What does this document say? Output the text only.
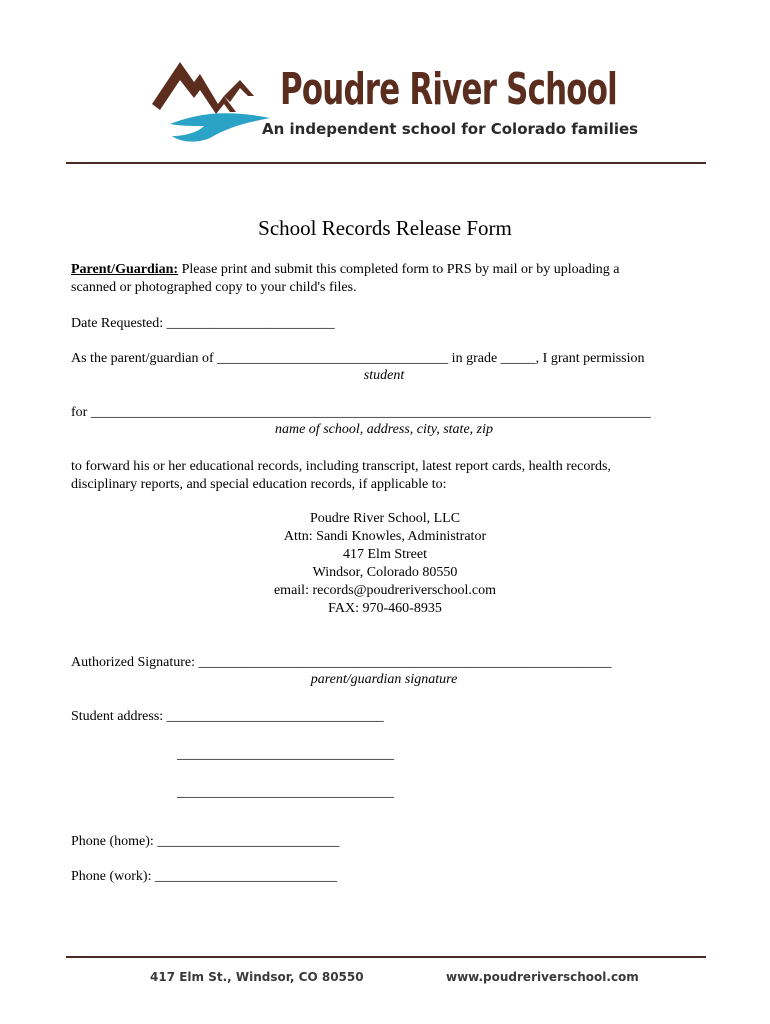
Poudre River School
An independent school for Colorado families
School Records Release Form
Parent/Guardian: Please print and submit this completed form to PRS by mail or by uploading a
scanned or photographed copy to your child's files.
Date Requested: ________________________
As the parent/guardian of _________________________________ in grade _____, I grant permission
student
for ________________________________________________________________________________
name of school, address, city, state, zip
to forward his or her educational records, including transcript, latest report cards, health records,
disciplinary reports, and special education records, if applicable to:
Poudre River School, LLC
Attn: Sandi Knowles, Administrator
417 Elm Street
Windsor, Colorado 80550
email: records@poudreriverschool.com
FAX: 970-460-8935
Authorized Signature: ___________________________________________________________
parent/guardian signature
Student address: _______________________________
_______________________________
_______________________________
Phone (home): __________________________
Phone (work): __________________________
417 Elm St., Windsor, CO 80550	www.poudreriverschool.com
